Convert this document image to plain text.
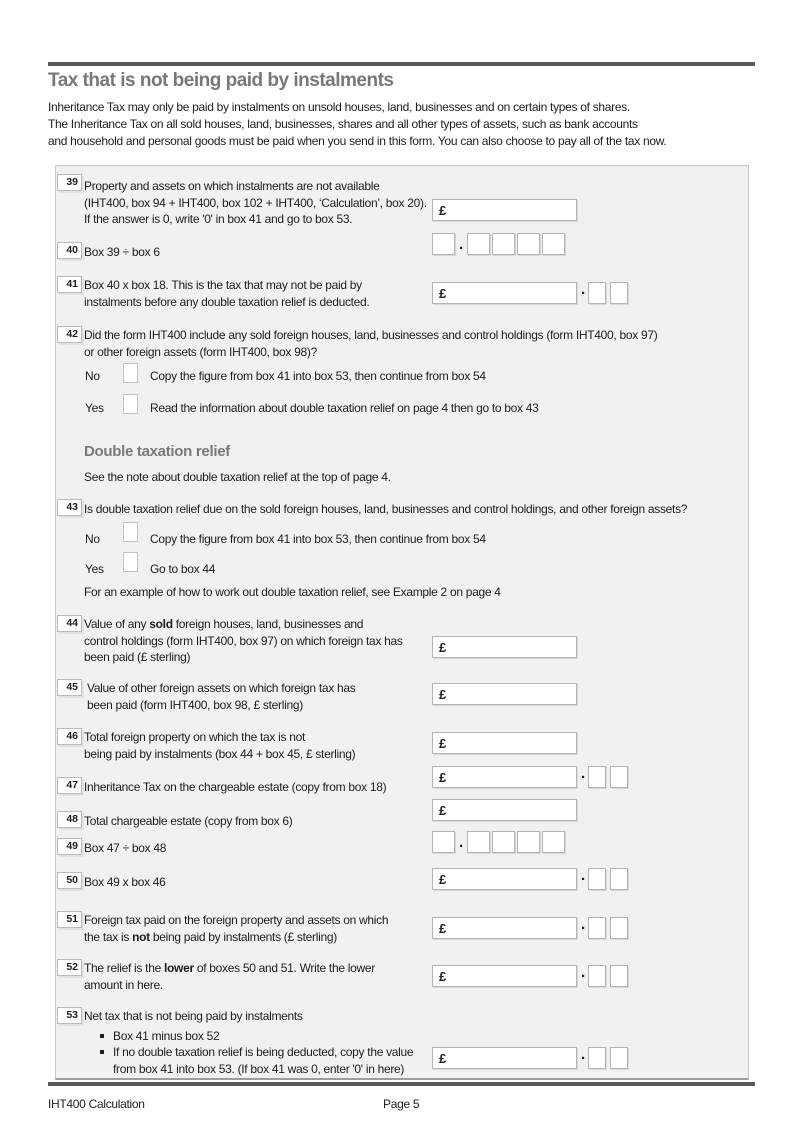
Tax that is not being paid by instalments
Inheritance Tax may only be paid by instalments on unsold houses, land, businesses and on certain types of shares.
The Inheritance Tax on all sold houses, land, businesses, shares and all other types of assets, such as bank accounts
and household and personal goods must be paid when you send in this form. You can also choose to pay all of the tax now.
39 Property and assets on which instalments are not available
(IHT400, box 94 + IHT400, box 102 + IHT400, ‘Calculation’, box 20).
If the answer is 0, write '0' in box 41 and go to box 53.
£
40 Box 39 ÷ box 6	·
41 Box 40 x box 18. This is the tax that may not be paid by
instalments before any double taxation relief is deducted.
£	·
42 Did the form IHT400 include any sold foreign houses, land, businesses and control holdings (form IHT400, box 97)
or other foreign assets (form IHT400, box 98)?
No	Copy the figure from box 41 into box 53, then continue from box 54
Yes	Read the information about double taxation relief on page 4 then go to box 43
Double taxation relief
See the note about double taxation relief at the top of page 4.
43 Is double taxation relief due on the sold foreign houses, land, businesses and control holdings, and other foreign assets?
No	Copy the figure from box 41 into box 53, then continue from box 54
Yes	Go to box 44
For an example of how to work out double taxation relief, see Example 2 on page 4
44 Value of any sold foreign houses, land, businesses and
control holdings (form IHT400, box 97) on which foreign tax has
been paid (£ sterling)
£
45 Value of other foreign assets on which foreign tax has
been paid (form IHT400, box 98, £ sterling)
£
46 Total foreign property on which the tax is not
being paid by instalments (box 44 + box 45, £ sterling)
£
47 Inheritance Tax on the chargeable estate (copy from box 18)
£	·
48 Total chargeable estate (copy from box 6)
£
49 Box 47 ÷ box 48	·
50 Box 49 x box 46	£	·
51 Foreign tax paid on the foreign property and assets on which
the tax is not being paid by instalments (£ sterling)
£	·
52 The relief is the lower of boxes 50 and 51. Write the lower
amount in here.
£	·
53 Net tax that is not being paid by instalments
Box 41 minus box 52
If no double taxation relief is being deducted, copy the value
from box 41 into box 53. (If box 41 was 0, enter '0' in here)
£	·
IHT400 Calculation	Page 5
